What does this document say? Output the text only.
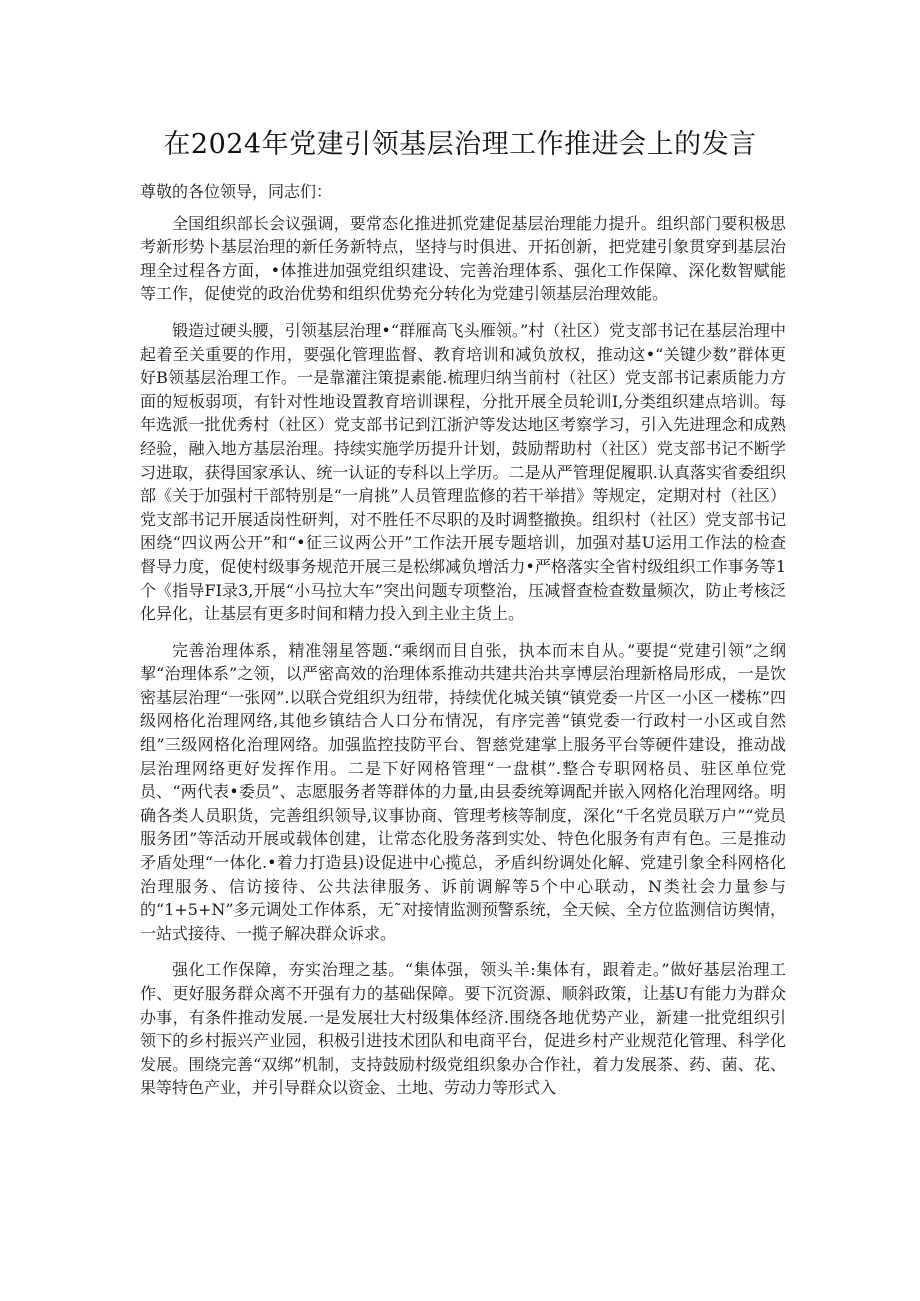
在2024年党建引领基层治理工作推进会上的发言

尊敬的各位领导，同志们：

全国组织部长会议强调，要常态化推进抓党建促基层治理能力提升。组织部门要积极思考新形势卜基层治理的新任务新特点，坚持与时俱进、开拓创新，把党建引象贯穿到基层治理全过程各方面，•体推进加强党组织建设、完善治理体系、强化工作保障、深化数智赋能等工作，促使党的政治优势和组织优势充分转化为党建引领基层治理效能。

锻造过硬头腰，引领基层治理•“群雁高飞头雁领。”村（社区）党支部书记在基层治理中起着至关重要的作用，要强化管理监督、教育培训和减负放权，推动这•“关键少数”群体更好B领基层治理工作。一是靠灌注策提素能.梳理归纳当前村（社区）党支部书记素质能力方面的短板弱项，有针对性地设置教育培训课程，分批开展全员轮训I,分类组织建点培训。每年选派一批优秀村（社区）党支部书记到江浙沪等发达地区考察学习，引入先进理念和成熟经验，融入地方基层治理。持续实施学历提升计划，鼓励帮助村（社区）党支部书记不断学习进取，获得国家承认、统一认证的专科以上学历。二是从严管理促履职.认真落实省委组织部《关于加强村干部特别是“一肩挑”人员管理监修的若干举措》等规定，定期对村（社区）党支部书记开展适岗性研判，对不胜任不尽职的及时调整撤换。组织村（社区）党支部书记困绕“四议两公开”和“•征三议两公开”工作法开展专题培训，加强对基U运用工作法的检查督导力度，促使村级事务规范开展三是松绑减负增活力•严格落实全省村级组织工作事务等1个《指导FI录3,开展“小马拉大车”突出问题专项整治，压减督查检查数量频次，防止考核泛化异化，让基层有更多时间和精力投入到主业主货上。

完善治理体系，精准翎星答题.“乘纲而目自张，执本而末自从。”要提“党建引领”之纲挈“治理体系”之领，以严密高效的治理体系推动共建共治共享博层治理新格局形成，一是饮密基层治理“一张网”.以联合党组织为纽带，持续优化城关镇“镇党委一片区一小区一楼栋”四级网格化治理网络,其他乡镇结合人口分布情况，有序完善“镇党委一行政村一小区或自然组”三级网格化治理网络。加强监控技防平台、智慈党建掌上服务平台等硬件建设，推动战层治理网络更好发挥作用。二是下好网格管理“一盘棋”.整合专职网格员、驻区单位党员、“两代表•委员”、志愿服务者等群体的力量,由县委统筹调配并嵌入网格化治理网络。明确各类人员职货，完善组织领导,议事协商、管理考核等制度，深化“千名党员联万户”“党员服务团”等活动开展或载体创建，让常态化股务落到实处、特色化服务有声有色。三是推动矛盾处理“一体化.•着力打造县)设促进中心揽总，矛盾纠纷调处化解、党建引象全科网格化治理服务、信访接待、公共法律服务、诉前调解等5个中心联动，N类社会力量参与的“1+5+N”多元调处工作体系，无˜对接情监测预警系统，全天候、全方位监测信访舆情，一站式接待、一揽子解决群众诉求。

强化工作保障，夯实治理之基。“集体强，领头羊:集体有，跟着走。”做好基层治理工作、更好服务群众离不开强有力的基础保障。要下沉资源、顺斜政策，让基U有能力为群众办事，有条件推动发展.一是发展壮大村级集体经济.围绕各地优势产业，新建一批党组织引领下的乡村振兴产业园，积极引进技术团队和电商平台，促进乡村产业规范化管理、科学化发展。围绕完善“双绑”机制，支持鼓励村级党组织象办合作社，着力发展茶、药、菌、花、果等特色产业，并引导群众以资金、土地、劳动力等形式入
